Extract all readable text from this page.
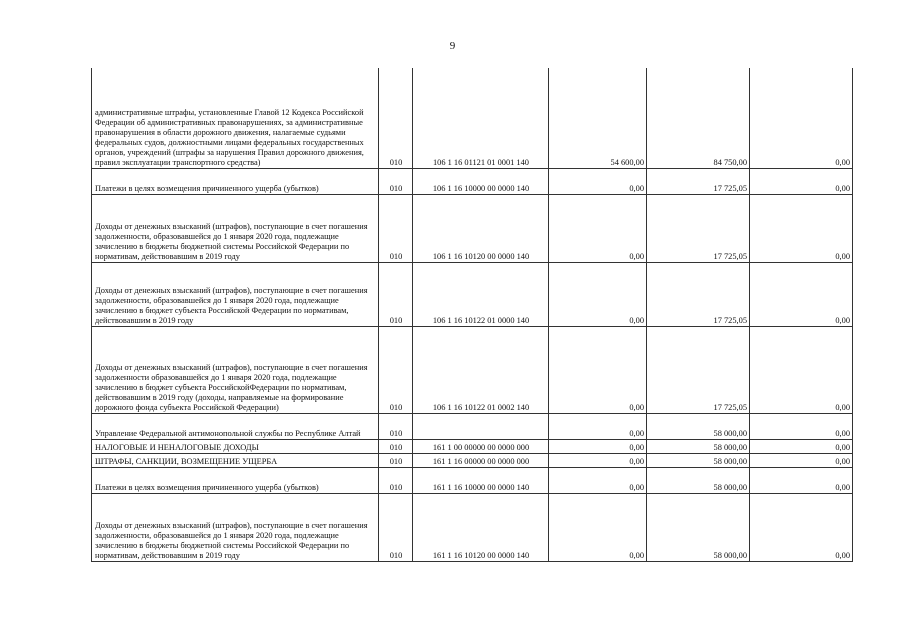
9
административные штрафы, установленные Главой 12 Кодекса Российской Федерации об административных правонарушениях, за административные правонарушения в области дорожного движения, налагаемые судьями федеральных судов, должностными лицами федеральных государственных органов, учреждений (штрафы за нарушения Правил дорожного движения, правил эксплуатации транспортного средства)	010	106 1 16 01121 01 0001 140	54 600,00	84 750,00	0,00
Платежи в целях возмещения причиненного ущерба (убытков)	010	106 1 16 10000 00 0000 140	0,00	17 725,05	0,00
Доходы от денежных взысканий (штрафов), поступающие в счет погашения задолженности, образовавшейся до 1 января 2020 года, подлежащие зачислению в бюджеты бюджетной системы Российской Федерации по нормативам, действовавшим в 2019 году	010	106 1 16 10120 00 0000 140	0,00	17 725,05	0,00
Доходы от денежных взысканий (штрафов), поступающие в счет погашения задолженности, образовавшейся до 1 января 2020 года, подлежащие зачислению в бюджет субъекта Российской Федерации по нормативам, действовавшим в 2019 году	010	106 1 16 10122 01 0000 140	0,00	17 725,05	0,00
Доходы от денежных взысканий (штрафов), поступающие в счет погашения задолженности образовавшейся до 1 января 2020 года, подлежащие зачислению в бюджет субъекта РоссийскойФедерации по нормативам, действовавшим в 2019 году (доходы, направляемые на формирование дорожного фонда субъекта Российской Федерации)	010	106 1 16 10122 01 0002 140	0,00	17 725,05	0,00
Управление Федеральной антимонопольной службы по Республике Алтай	010		0,00	58 000,00	0,00
НАЛОГОВЫЕ И НЕНАЛОГОВЫЕ ДОХОДЫ	010	161 1 00 00000 00 0000 000	0,00	58 000,00	0,00
ШТРАФЫ, САНКЦИИ, ВОЗМЕЩЕНИЕ УЩЕРБА	010	161 1 16 00000 00 0000 000	0,00	58 000,00	0,00
Платежи в целях возмещения причиненного ущерба (убытков)	010	161 1 16 10000 00 0000 140	0,00	58 000,00	0,00
Доходы от денежных взысканий (штрафов), поступающие в счет погашения задолженности, образовавшейся до 1 января 2020 года, подлежащие зачислению в бюджеты бюджетной системы Российской Федерации по нормативам, действовавшим в 2019 году	010	161 1 16 10120 00 0000 140	0,00	58 000,00	0,00
